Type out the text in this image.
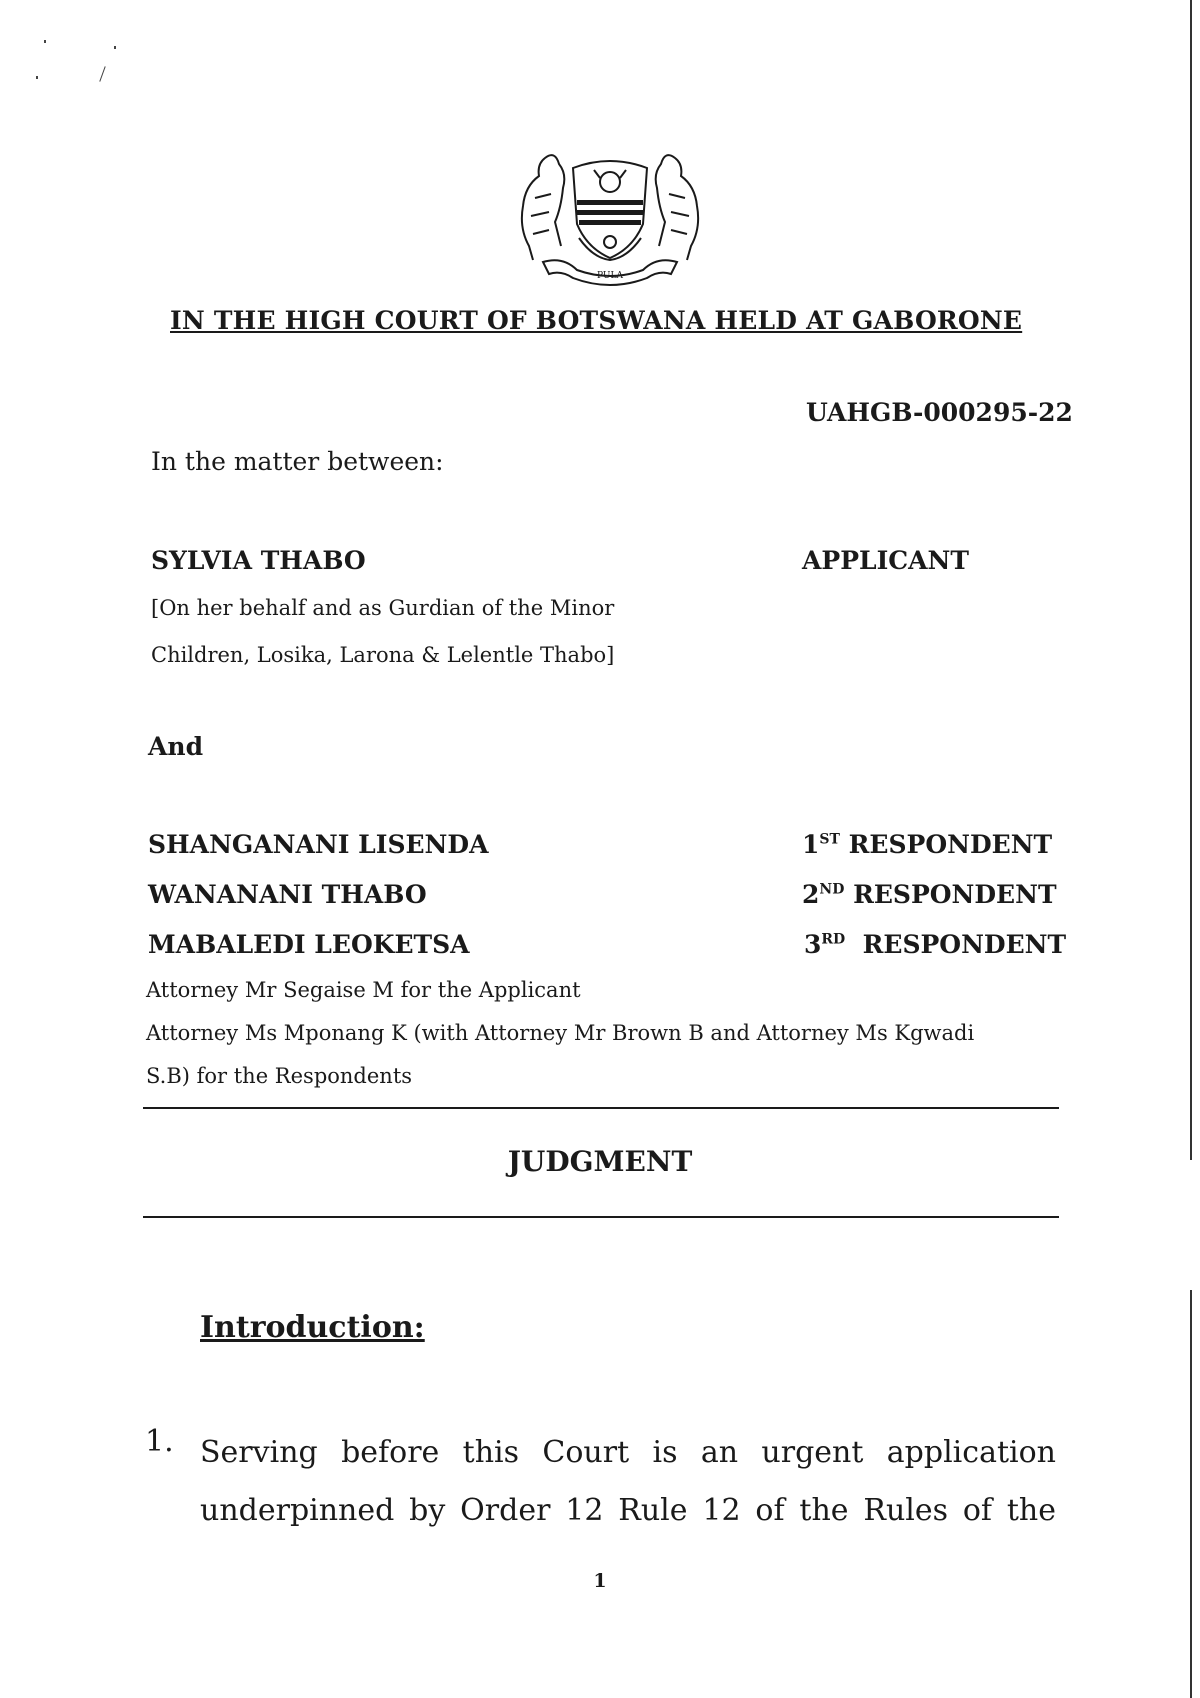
PULA
IN THE HIGH COURT OF BOTSWANA HELD AT GABORONE
UAHGB-000295-22
In the matter between:
SYLVIA THABO	APPLICANT
[On her behalf and as Gurdian of the Minor
Children, Losika, Larona & Lelentle Thabo]
And
SHANGANANI LISENDA	1ST RESPONDENT
WANANANI THABO	2ND RESPONDENT
MABALEDI LEOKETSA	3RD RESPONDENT
Attorney Mr Segaise M for the Applicant
Attorney Ms Mponang K (with Attorney Mr Brown B and Attorney Ms Kgwadi
S.B) for the Respondents
JUDGMENT
Introduction:
1. Serving before this Court is an urgent application underpinned by Order 12 Rule 12 of the Rules of the
1
